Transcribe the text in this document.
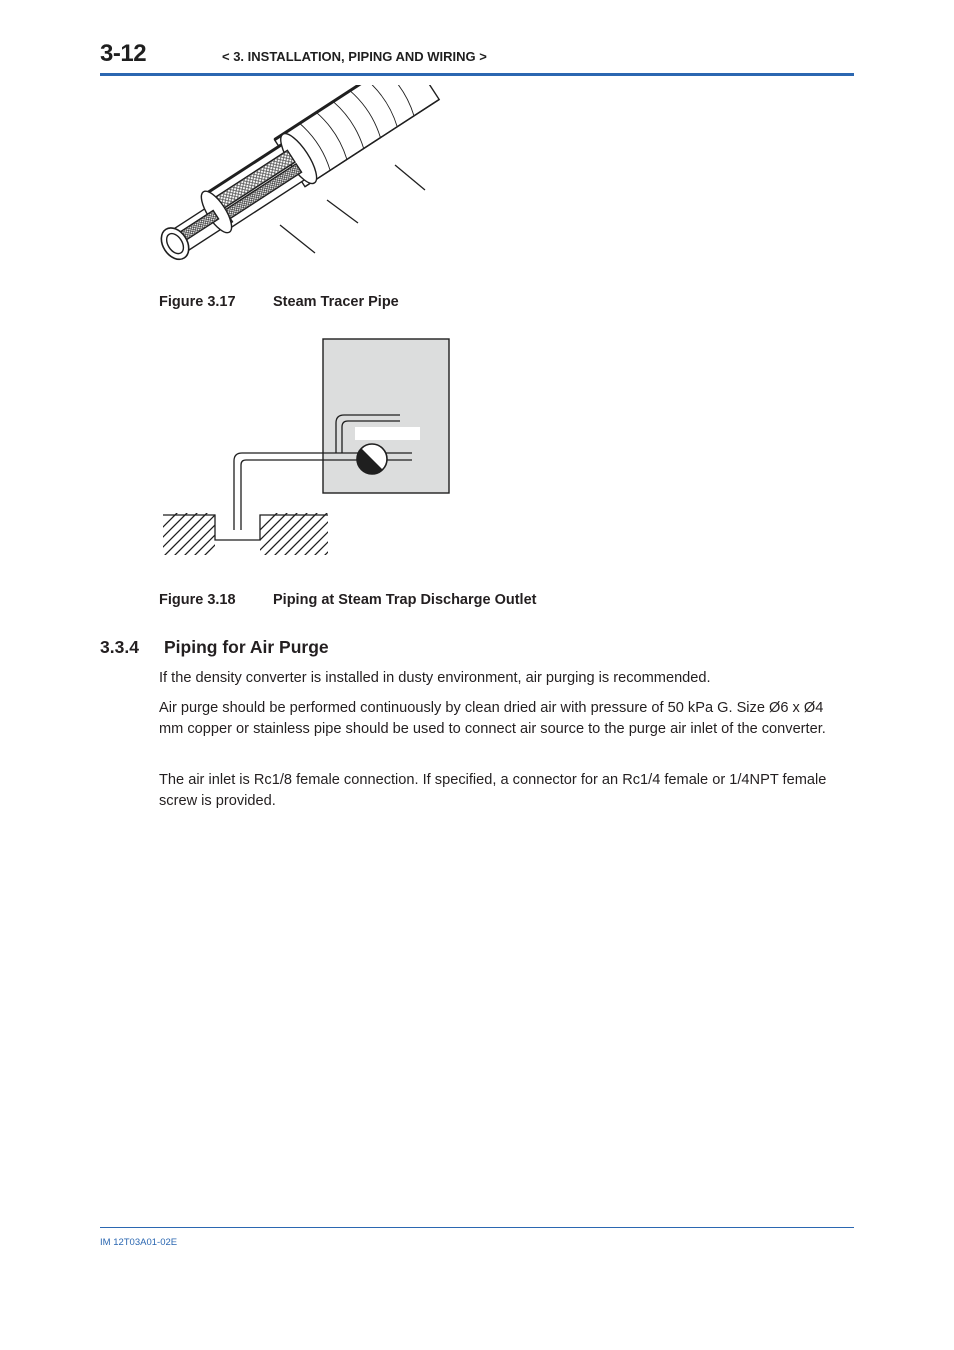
3-12	< 3. INSTALLATION, PIPING AND WIRING >
Figure 3.17	Steam Tracer Pipe
Figure 3.18	Piping at Steam Trap Discharge Outlet
3.3.4 Piping for Air Purge

If the density converter is installed in dusty environment, air purging is recommended.

Air purge should be performed continuously by clean dried air with pressure of 50 kPa G. Size Ø6 x Ø4 mm copper or stainless pipe should be used to connect air source to the purge air inlet of the converter.

The air inlet is Rc1/8 female connection. If specified, a connector for an Rc1/4 female or 1/4NPT female screw is provided.

IM 12T03A01-02E
